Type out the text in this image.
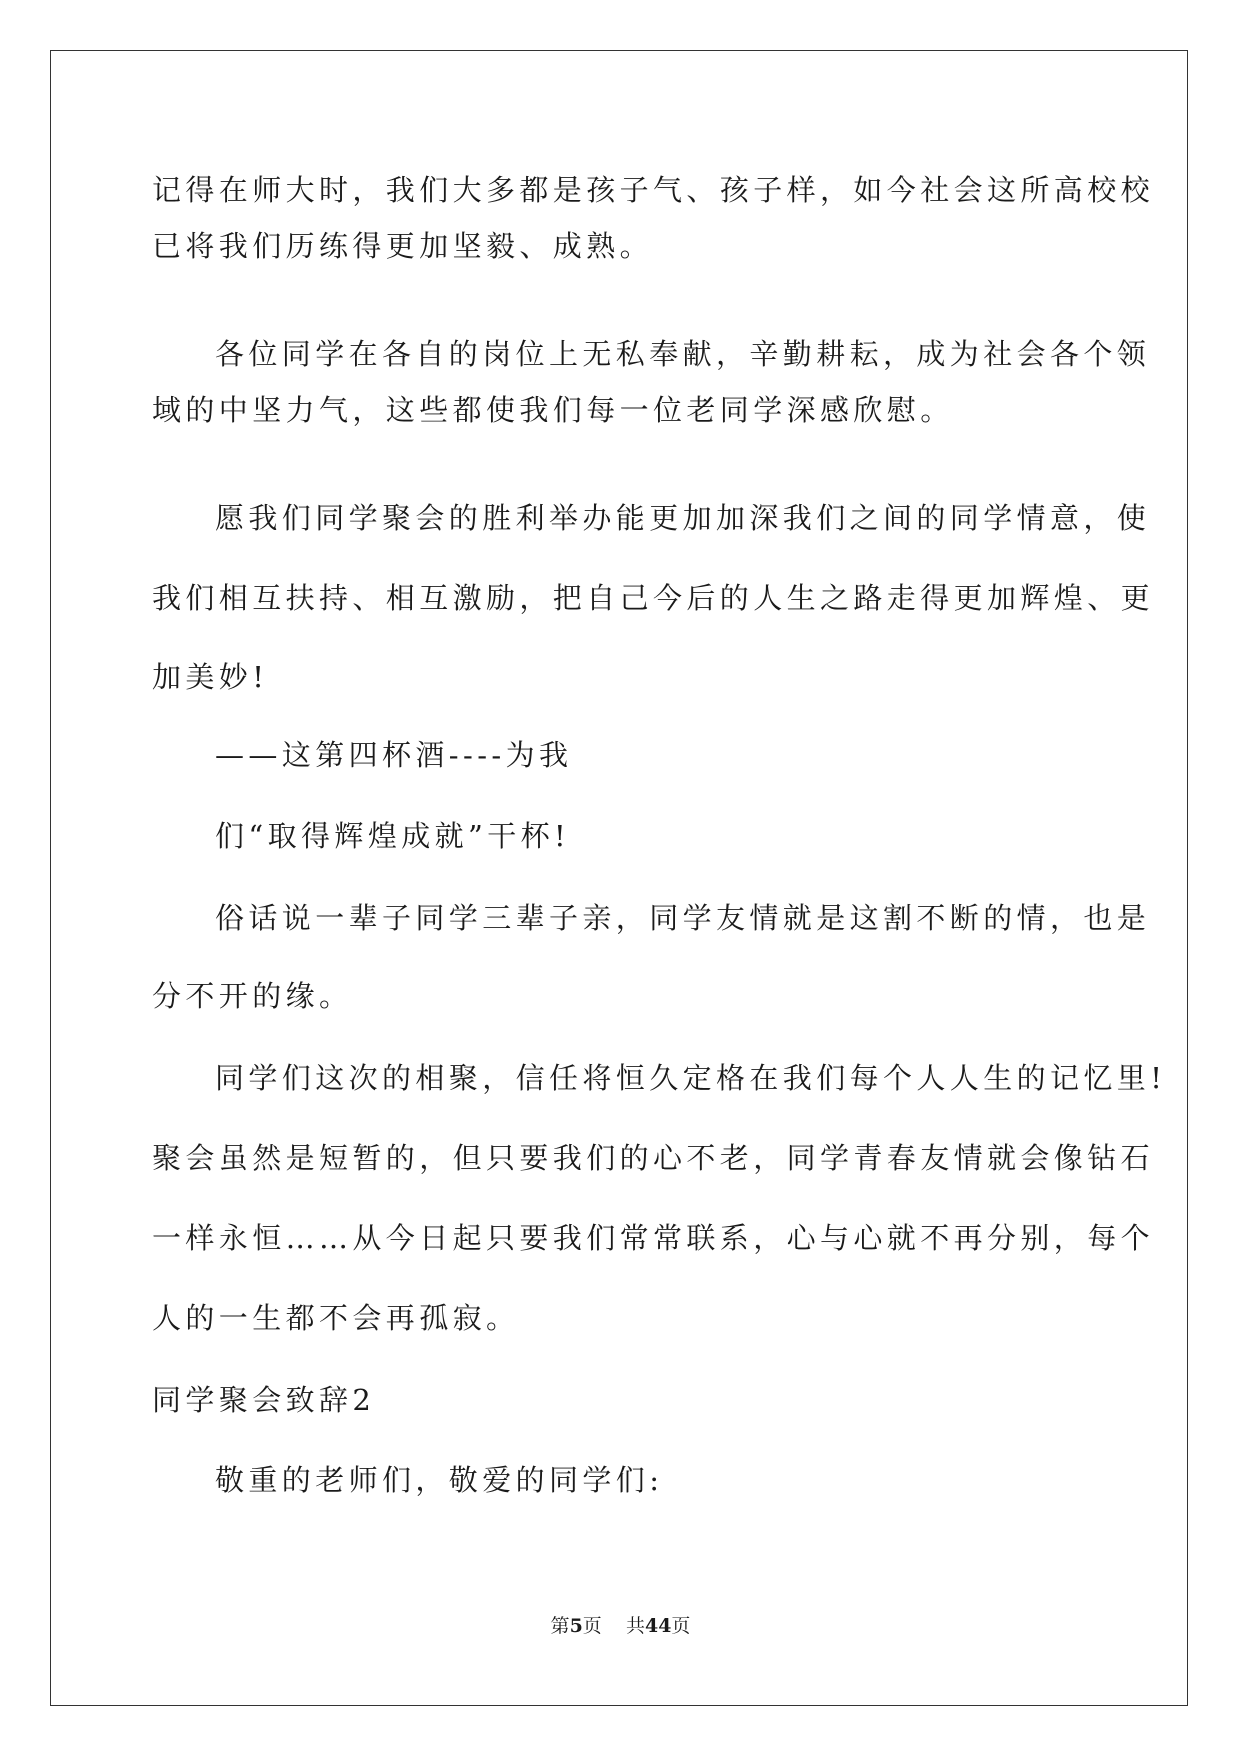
记得在师大时，我们大多都是孩子气、孩子样，如今社会这所高校校

已将我们历练得更加坚毅、成熟。

各位同学在各自的岗位上无私奉献，辛勤耕耘，成为社会各个领

域的中坚力气，这些都使我们每一位老同学深感欣慰。

愿我们同学聚会的胜利举办能更加加深我们之间的同学情意，使

我们相互扶持、相互激励，把自己今后的人生之路走得更加辉煌、更

加美妙!

——这第四杯酒----为我

们“取得辉煌成就”干杯!

俗话说一辈子同学三辈子亲，同学友情就是这割不断的情，也是

分不开的缘。

同学们这次的相聚，信任将恒久定格在我们每个人人生的记忆里!

聚会虽然是短暂的，但只要我们的心不老，同学青春友情就会像钻石

一样永恒……从今日起只要我们常常联系，心与心就不再分别，每个

人的一生都不会再孤寂。

同学聚会致辞2

敬重的老师们，敬爱的同学们:

第5页    共44页
